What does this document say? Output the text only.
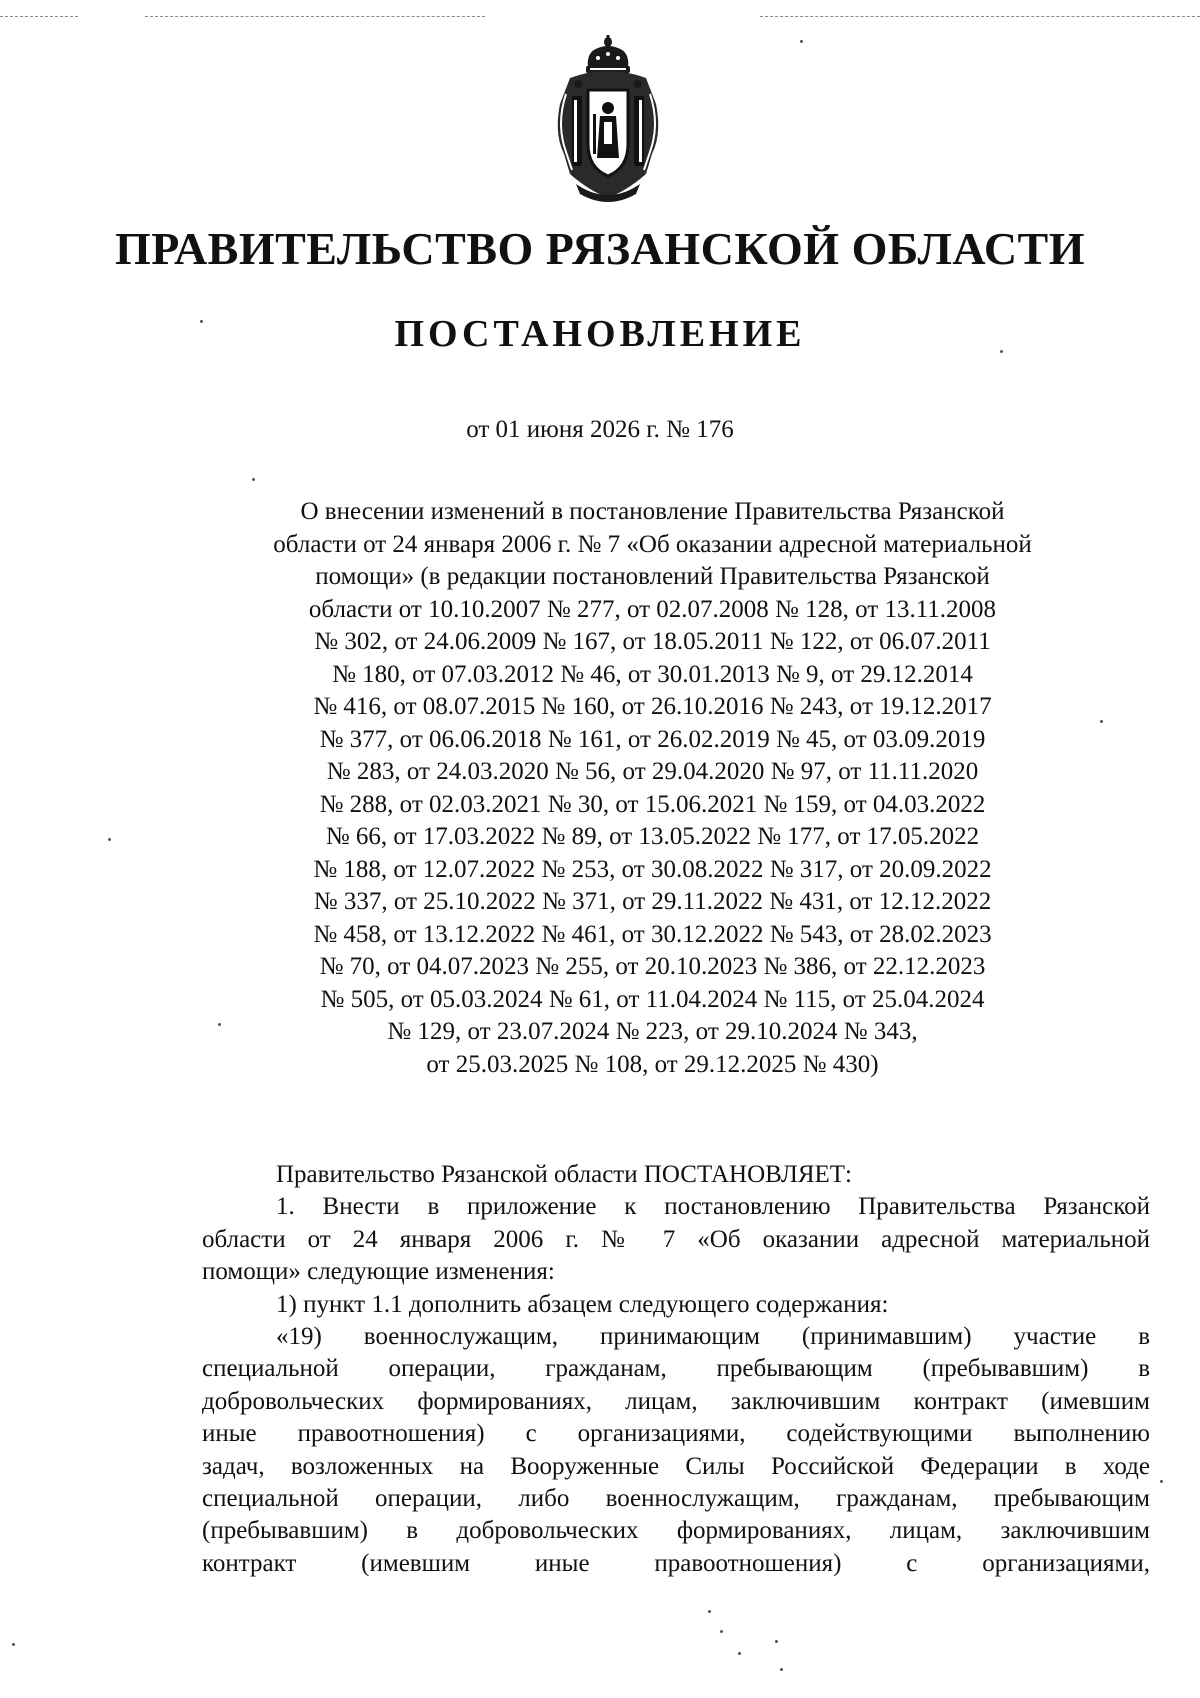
ПРАВИТЕЛЬСТВО РЯЗАНСКОЙ ОБЛАСТИ
ПОСТАНОВЛЕНИЕ
от 01 июня 2026 г. № 176
О внесении изменений в постановление Правительства Рязанской
области от 24 января 2006 г. № 7 «Об оказании адресной материальной
помощи» (в редакции постановлений Правительства Рязанской
области от 10.10.2007 № 277, от 02.07.2008 № 128, от 13.11.2008
№ 302, от 24.06.2009 № 167, от 18.05.2011 № 122, от 06.07.2011
№ 180, от 07.03.2012 № 46, от 30.01.2013 № 9, от 29.12.2014
№ 416, от 08.07.2015 № 160, от 26.10.2016 № 243, от 19.12.2017
№ 377, от 06.06.2018 № 161, от 26.02.2019 № 45, от 03.09.2019
№ 283, от 24.03.2020 № 56, от 29.04.2020 № 97, от 11.11.2020
№ 288, от 02.03.2021 № 30, от 15.06.2021 № 159, от 04.03.2022
№ 66, от 17.03.2022 № 89, от 13.05.2022 № 177, от 17.05.2022
№ 188, от 12.07.2022 № 253, от 30.08.2022 № 317, от 20.09.2022
№ 337, от 25.10.2022 № 371, от 29.11.2022 № 431, от 12.12.2022
№ 458, от 13.12.2022 № 461, от 30.12.2022 № 543, от 28.02.2023
№ 70, от 04.07.2023 № 255, от 20.10.2023 № 386, от 22.12.2023
№ 505, от 05.03.2024 № 61, от 11.04.2024 № 115, от 25.04.2024
№ 129, от 23.07.2024 № 223, от 29.10.2024 № 343,
от 25.03.2025 № 108, от 29.12.2025 № 430)
Правительство Рязанской области ПОСТАНОВЛЯЕТ:
1. Внести в приложение к постановлению Правительства Рязанской
области от 24 января 2006 г. № 7 «Об оказании адресной материальной
помощи» следующие изменения:
1) пункт 1.1 дополнить абзацем следующего содержания:
«19) военнослужащим, принимающим (принимавшим) участие в
специальной операции, гражданам, пребывающим (пребывавшим) в
добровольческих формированиях, лицам, заключившим контракт (имевшим
иные правоотношения) с организациями, содействующими выполнению
задач, возложенных на Вооруженные Силы Российской Федерации в ходе
специальной операции, либо военнослужащим, гражданам, пребывающим
(пребывавшим) в добровольческих формированиях, лицам, заключившим
контракт (имевшим иные правоотношения) с организациями,
